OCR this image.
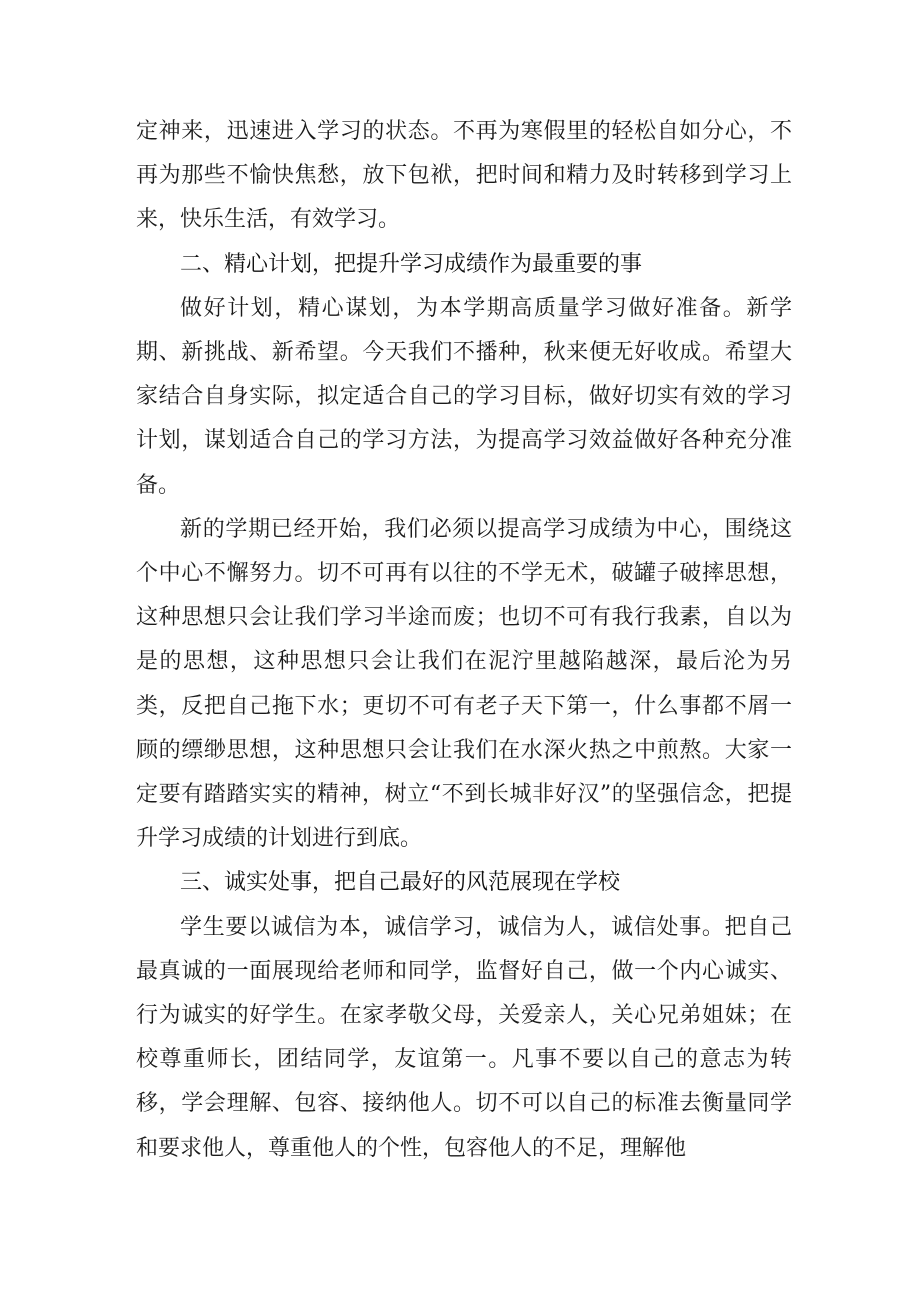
定神来，迅速进入学习的状态。不再为寒假里的轻松自如分心，不再为那些不愉快焦愁，放下包袱，把时间和精力及时转移到学习上来，快乐生活，有效学习。

二、精心计划，把提升学习成绩作为最重要的事

做好计划，精心谋划，为本学期高质量学习做好准备。新学期、新挑战、新希望。今天我们不播种，秋来便无好收成。希望大家结合自身实际，拟定适合自己的学习目标，做好切实有效的学习计划，谋划适合自己的学习方法，为提高学习效益做好各种充分准备。

新的学期已经开始，我们必须以提高学习成绩为中心，围绕这个中心不懈努力。切不可再有以往的不学无术，破罐子破摔思想，这种思想只会让我们学习半途而废；也切不可有我行我素，自以为是的思想，这种思想只会让我们在泥泞里越陷越深，最后沦为另类，反把自己拖下水；更切不可有老子天下第一，什么事都不屑一顾的缥缈思想，这种思想只会让我们在水深火热之中煎熬。大家一定要有踏踏实实的精神，树立“不到长城非好汉”的坚强信念，把提升学习成绩的计划进行到底。

三、诚实处事，把自己最好的风范展现在学校

学生要以诚信为本，诚信学习，诚信为人，诚信处事。把自己最真诚的一面展现给老师和同学，监督好自己，做一个内心诚实、行为诚实的好学生。在家孝敬父母，关爱亲人，关心兄弟姐妹；在校尊重师长，团结同学，友谊第一。凡事不要以自己的意志为转移，学会理解、包容、接纳他人。切不可以自己的标准去衡量同学和要求他人，尊重他人的个性，包容他人的不足，理解他
